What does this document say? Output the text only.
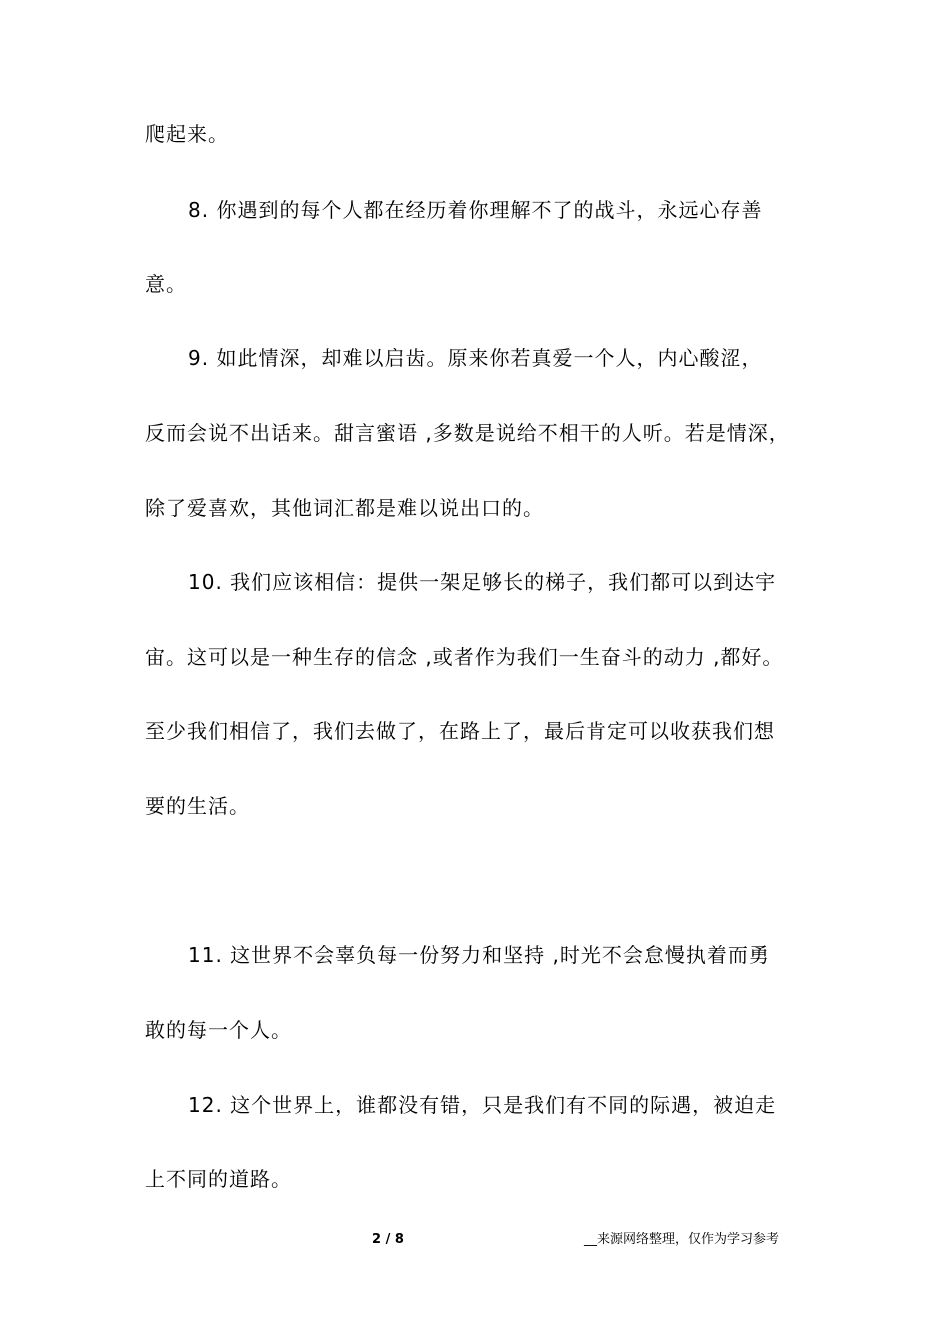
爬起来。
8. 你遇到的每个人都在经历着你理解不了的战斗，永远心存善
意。
9. 如此情深，却难以启齿。原来你若真爱一个人，内心酸涩，
反而会说不出话来。甜言蜜语 ,多数是说给不相干的人听。若是情深，
除了爱喜欢，其他词汇都是难以说出口的。
10. 我们应该相信：提供一架足够长的梯子，我们都可以到达宇
宙。这可以是一种生存的信念 ,或者作为我们一生奋斗的动力 ,都好。
至少我们相信了，我们去做了，在路上了，最后肯定可以收获我们想
要的生活。
11. 这世界不会辜负每一份努力和坚持 ,时光不会怠慢执着而勇
敢的每一个人。
12. 这个世界上，谁都没有错，只是我们有不同的际遇，被迫走
上不同的道路。
2 / 8	__来源网络整理，仅作为学习参考
